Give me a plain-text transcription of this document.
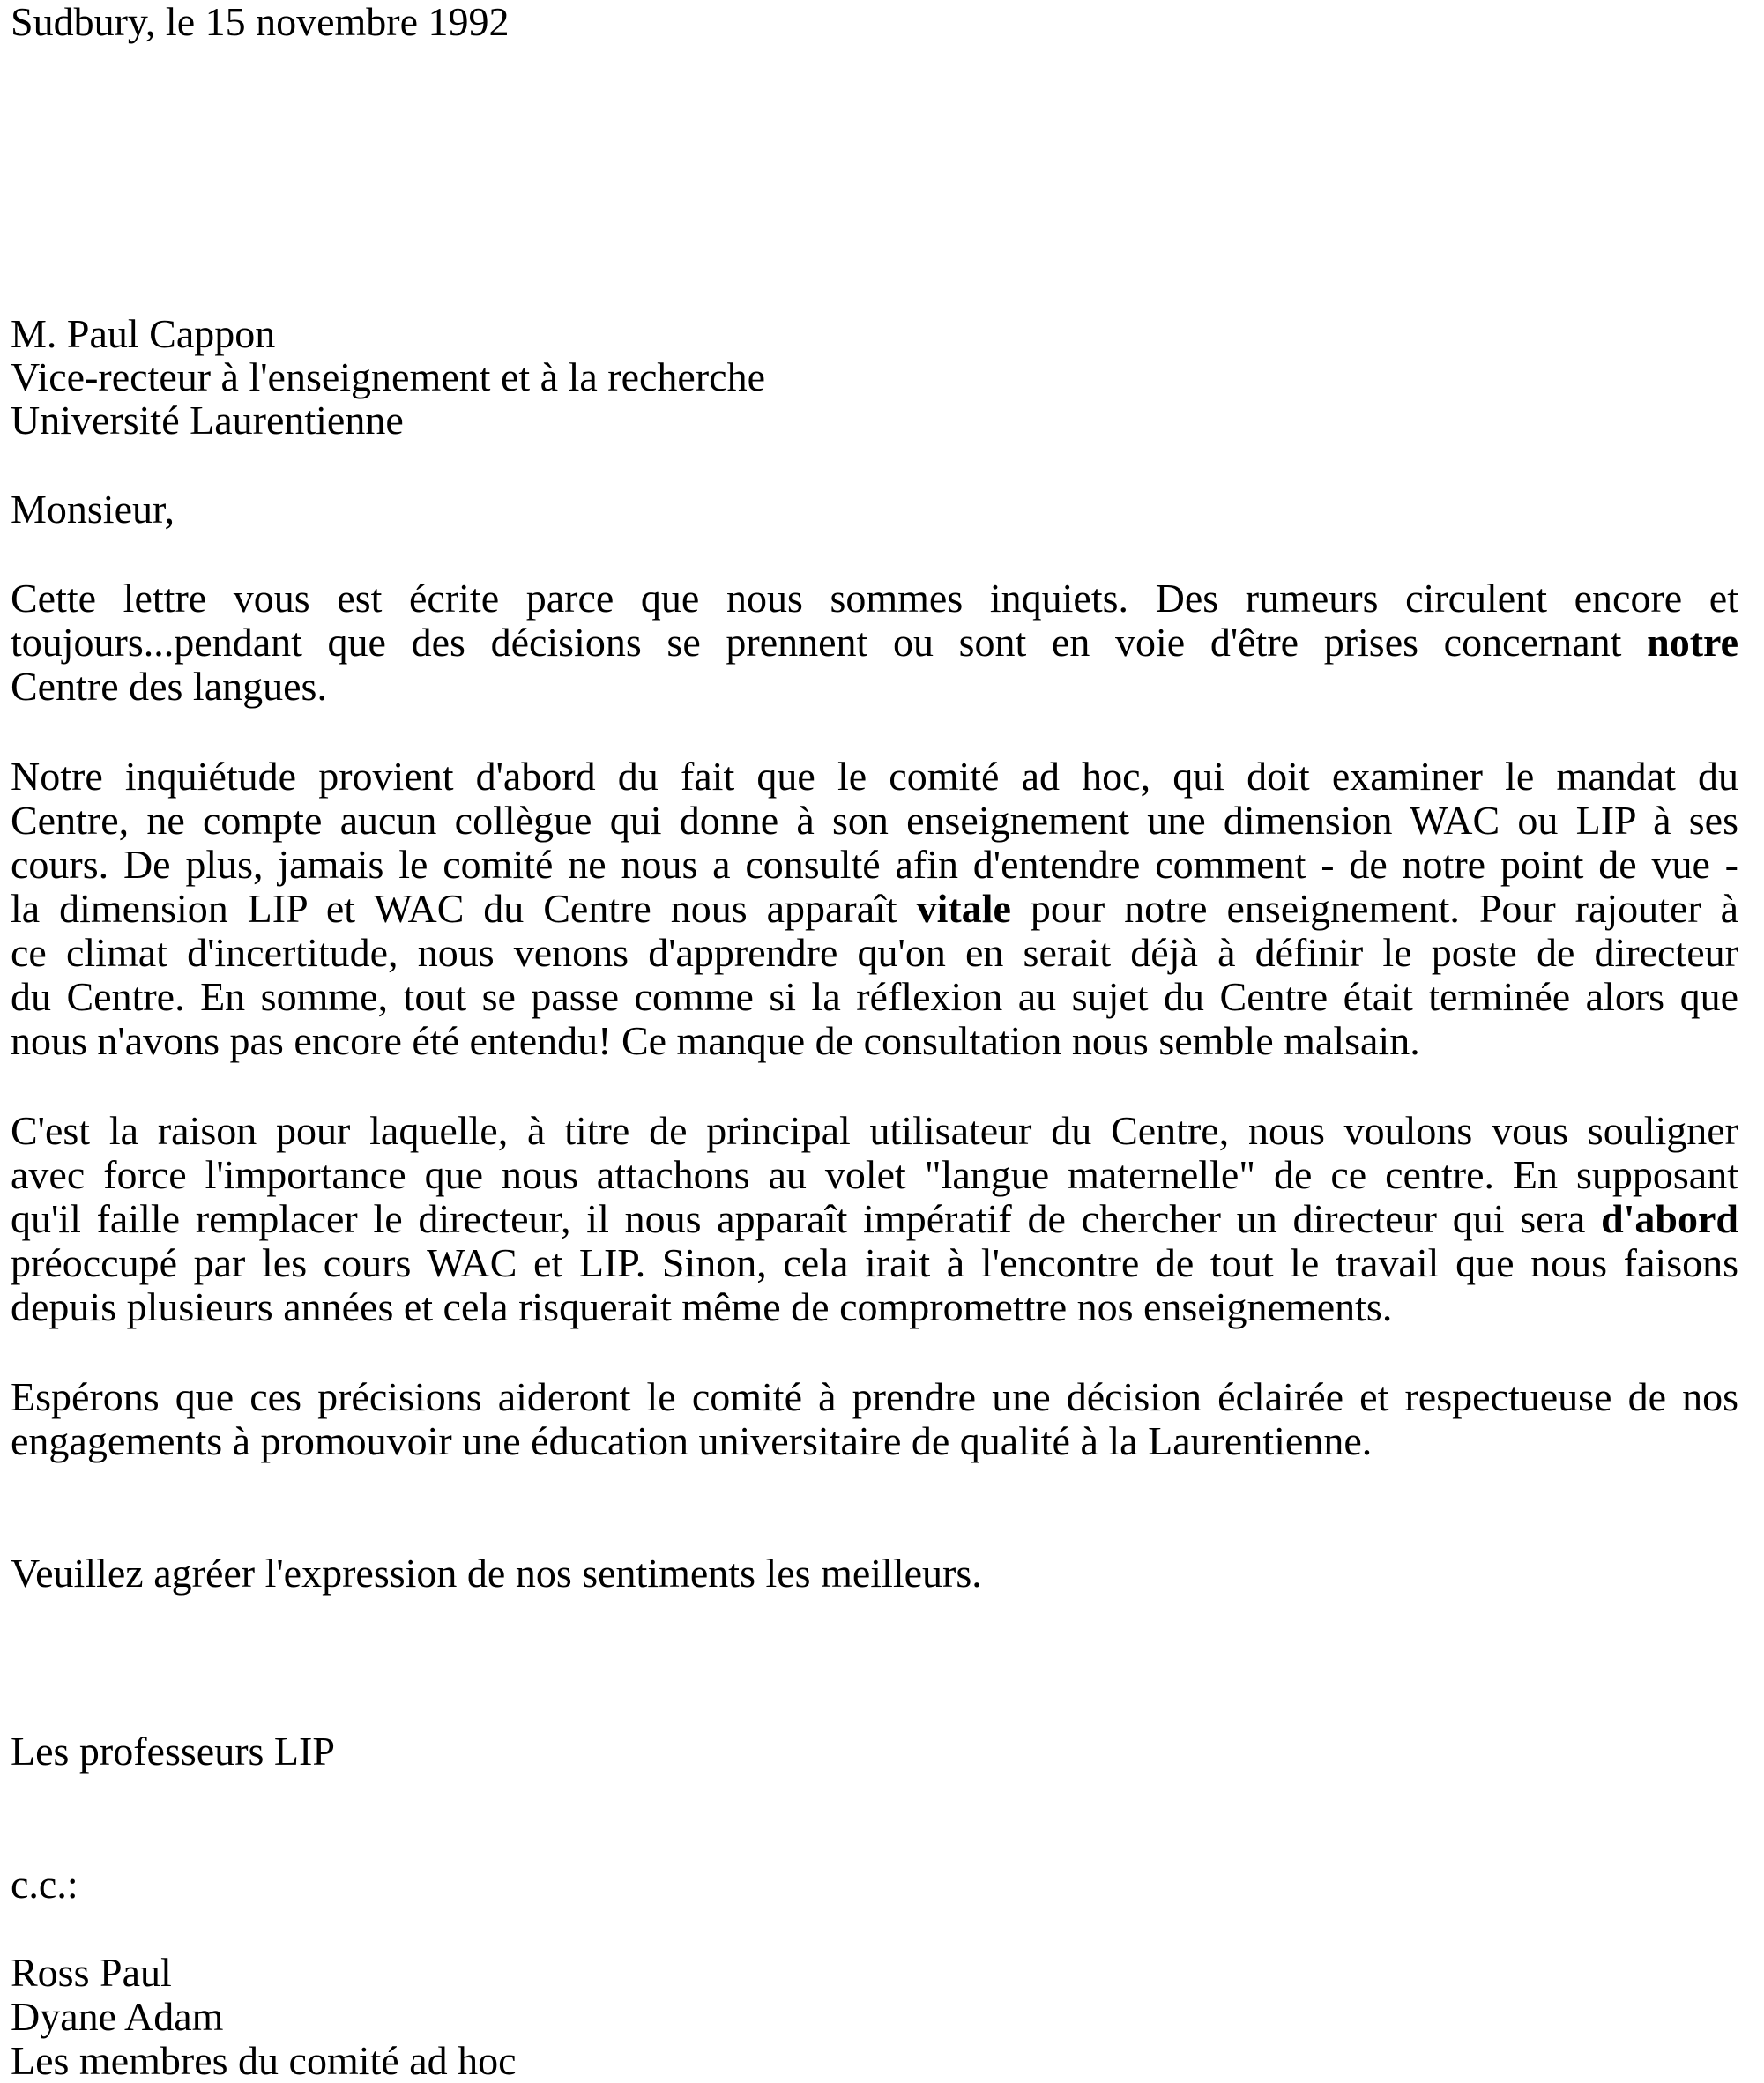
Sudbury, le 15 novembre 1992
M. Paul Cappon
Vice-recteur à l'enseignement et à la recherche
Université Laurentienne
Monsieur,
Cette lettre vous est écrite parce que nous sommes inquiets. Des rumeurs circulent encore et
toujours...pendant que des décisions se prennent ou sont en voie d'être prises concernant notre
Centre des langues.
Notre inquiétude provient d'abord du fait que le comité ad hoc, qui doit examiner le mandat du
Centre, ne compte aucun collègue qui donne à son enseignement une dimension WAC ou LIP à ses
cours. De plus, jamais le comité ne nous a consulté afin d'entendre comment - de notre point de vue -
la dimension LIP et WAC du Centre nous apparaît vitale pour notre enseignement. Pour rajouter à
ce climat d'incertitude, nous venons d'apprendre qu'on en serait déjà à définir le poste de directeur
du Centre. En somme, tout se passe comme si la réflexion au sujet du Centre était terminée alors que
nous n'avons pas encore été entendu! Ce manque de consultation nous semble malsain.
C'est la raison pour laquelle, à titre de principal utilisateur du Centre, nous voulons vous souligner
avec force l'importance que nous attachons au volet "langue maternelle" de ce centre. En supposant
qu'il faille remplacer le directeur, il nous apparaît impératif de chercher un directeur qui sera d'abord
préoccupé par les cours WAC et LIP. Sinon, cela irait à l'encontre de tout le travail que nous faisons
depuis plusieurs années et cela risquerait même de compromettre nos enseignements.
Espérons que ces précisions aideront le comité à prendre une décision éclairée et respectueuse de nos
engagements à promouvoir une éducation universitaire de qualité à la Laurentienne.
Veuillez agréer l'expression de nos sentiments les meilleurs.
Les professeurs LIP
c.c.:
Ross Paul
Dyane Adam
Les membres du comité ad hoc
